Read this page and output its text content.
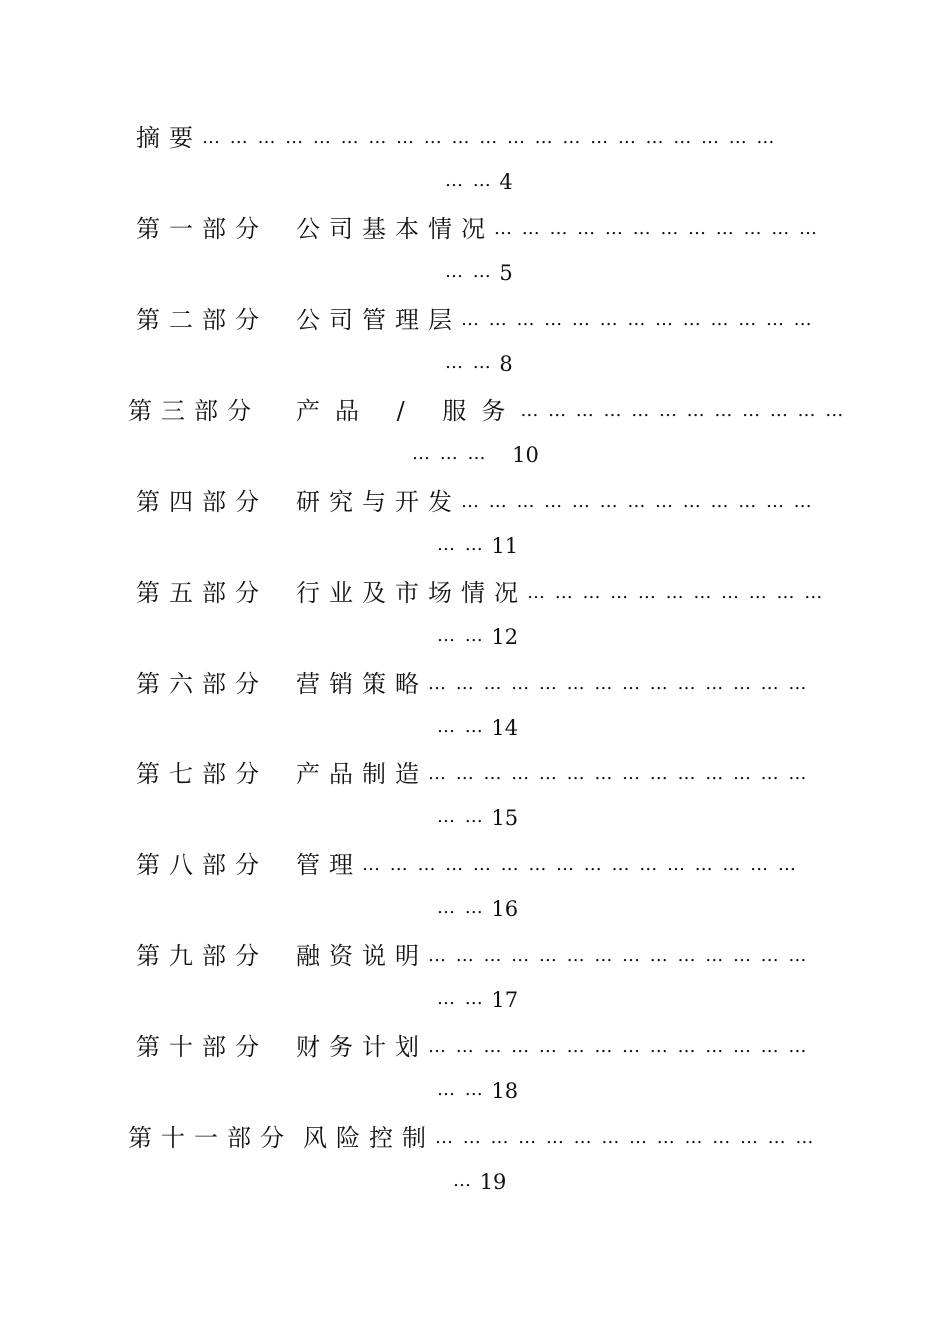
摘要… … … … … … … … … … … … … … … … … … … … …
… … 4
第一部分 公司基本情况… … … … … … … … … … … …
… … 5
第二部分 公司管理层… … … … … … … … … … … … …
… … 8
第三部分 产品 / 服务… … … … … … … … … … … …
… … … 10
第四部分 研究与开发… … … … … … … … … … … … …
… … 11
第五部分 行业及市场情况… … … … … … … … … … …
… … 12
第六部分 营销策略… … … … … … … … … … … … … …
… … 14
第七部分 产品制造… … … … … … … … … … … … … …
… … 15
第八部分 管理… … … … … … … … … … … … … … … …
… … 16
第九部分 融资说明… … … … … … … … … … … … … …
… … 17
第十部分 财务计划… … … … … … … … … … … … … …
… … 18
第十一部分 风险控制… … … … … … … … … … … … … …
… 19
